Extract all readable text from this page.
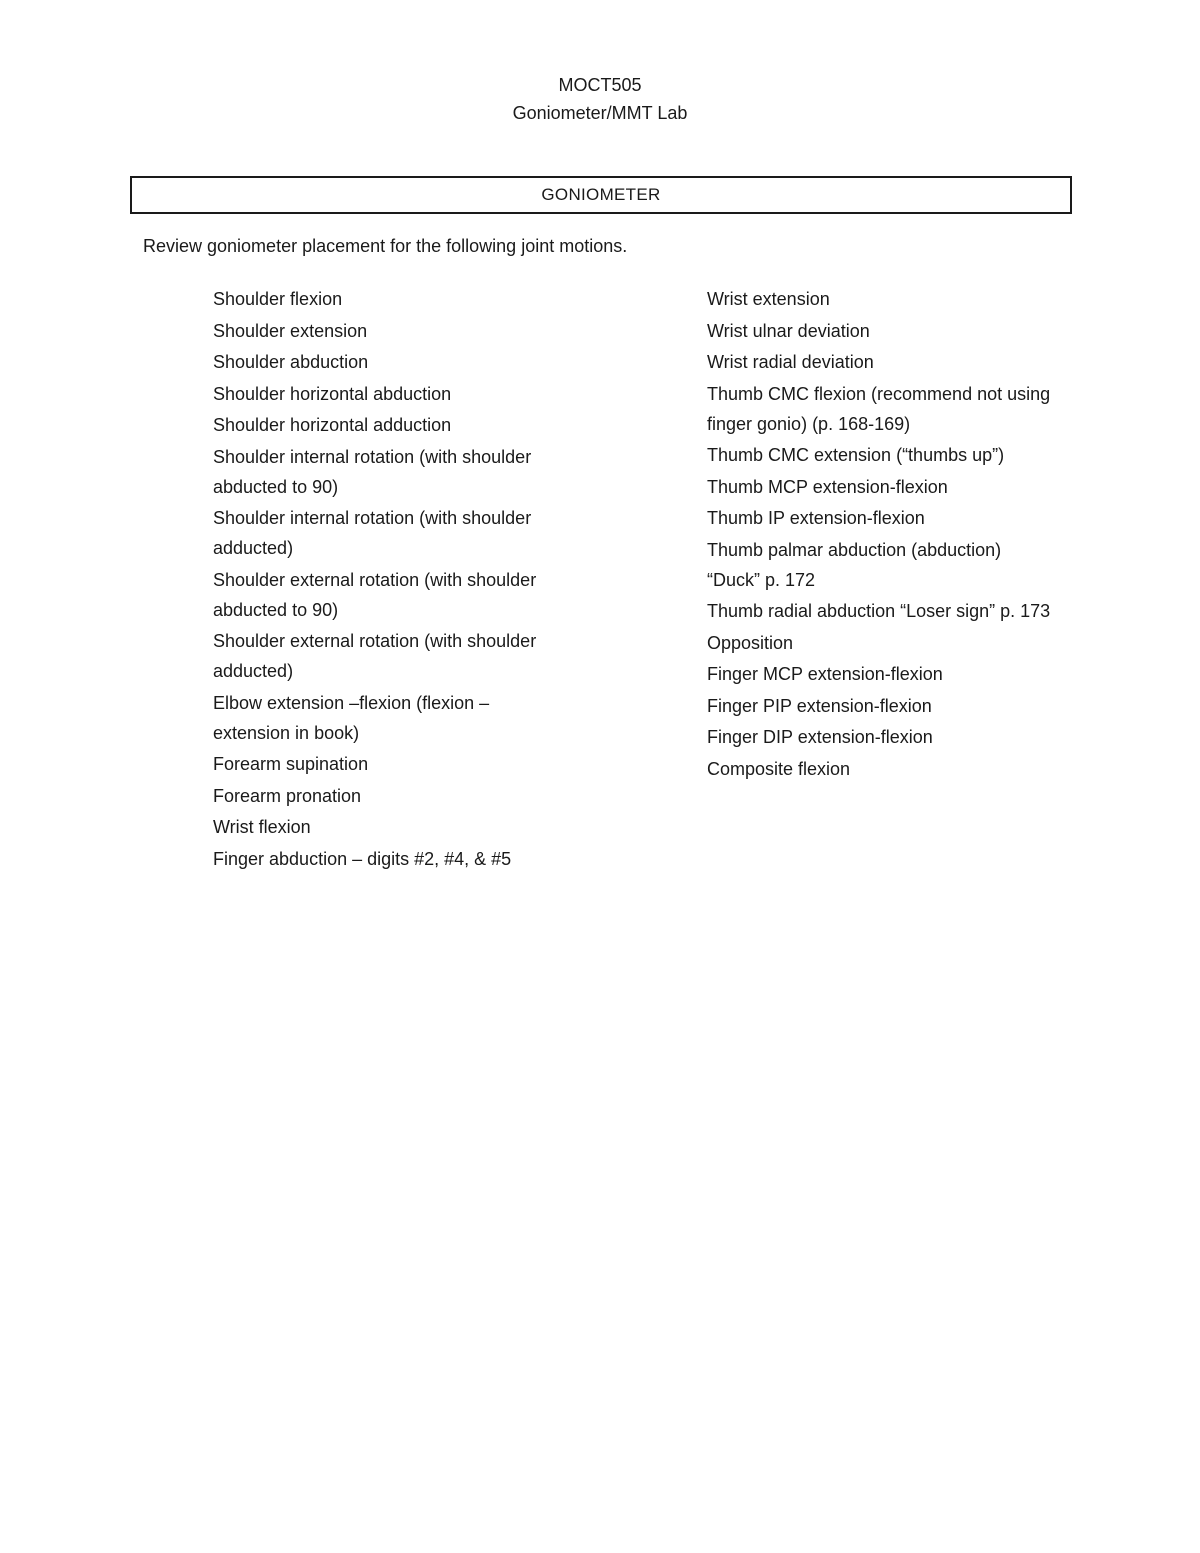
MOCT505
Goniometer/MMT Lab
GONIOMETER
Review goniometer placement for the following joint motions.
Shoulder flexion
Shoulder extension
Shoulder abduction
Shoulder horizontal abduction
Shoulder horizontal adduction
Shoulder internal rotation (with shoulder abducted to 90)
Shoulder internal rotation (with shoulder adducted)
Shoulder external rotation (with shoulder abducted to 90)
Shoulder external rotation (with shoulder adducted)
Elbow extension –flexion (flexion – extension in book)
Forearm supination
Forearm pronation
Wrist flexion
Finger abduction – digits #2, #4, & #5
Wrist extension
Wrist ulnar deviation
Wrist radial deviation
Thumb CMC flexion (recommend not using finger gonio) (p. 168-169)
Thumb CMC extension (“thumbs up”)
Thumb MCP extension-flexion
Thumb IP extension-flexion
Thumb palmar abduction (abduction) “Duck” p. 172
Thumb radial abduction “Loser sign” p. 173
Opposition
Finger MCP extension-flexion
Finger PIP extension-flexion
Finger DIP extension-flexion
Composite flexion
